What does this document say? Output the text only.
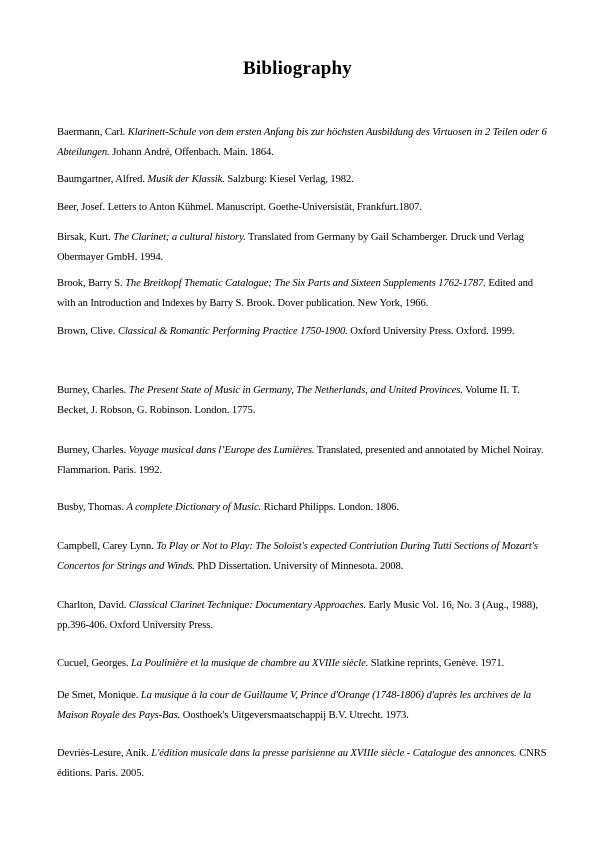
Bibliography
Baermann, Carl. Klarinett-Schule von dem ersten Anfang bis zur höchsten Ausbildung des Virtuosen in 2 Teilen oder 6 Abteilungen. Johann André, Offenbach. Main. 1864.
Baumgartner, Alfred. Musik der Klassik. Salzburg: Kiesel Verlag, 1982.
Beer, Josef. Letters to Anton Kühmel. Manuscript. Goethe-Universistät, Frankfurt.1807.
Birsak, Kurt. The Clarinet; a cultural history. Translated from Germany by Gail Schamberger. Druck und Verlag Obermayer GmbH. 1994.
Brook, Barry S. The Breitkopf Thematic Catalogue; The Six Parts and Sixteen Supplements 1762-1787. Edited and with an Introduction and Indexes by Barry S. Brook. Dover publication. New York, 1966.
Brown, Clive. Classical & Romantic Performing Practice 1750-1900. Oxford University Press. Oxford. 1999.
Burney, Charles. The Present State of Music in Germany, The Netherlands, and United Provinces. Volume II. T. Becket, J. Robson, G. Robinson. London. 1775.
Burney, Charles. Voyage musical dans l’Europe des Lumières. Translated, presented and annotated by Michel Noiray. Flammarion. Paris. 1992.
Busby, Thomas. A complete Dictionary of Music. Richard Philipps. London. 1806.
Campbell, Carey Lynn. To Play or Not to Play: The Soloist's expected Contriution During Tutti Sections of Mozart's Concertos for Strings and Winds. PhD Dissertation. University of Minnesota. 2008.
Charlton, David. Classical Clarinet Technique: Documentary Approaches. Early Music Vol. 16, No. 3 (Aug., 1988), pp.396-406. Oxford University Press.
Cucuel, Georges. La Poulinière et la musique de chambre au XVIIIe siècle. Slatkine reprints, Genève. 1971.
De Smet, Monique. La musique à la cour de Guillaume V, Prince d'Orange (1748-1806) d'après les archives de la Maison Royale des Pays-Bas. Oosthoek's Uitgeversmaatschappij B.V. Utrecht. 1973.
Devriès-Lesure, Anik. L'édition musicale dans la presse parisienne au XVIIIe siècle - Catalogue des annonces. CNRS éditions. Paris. 2005.
